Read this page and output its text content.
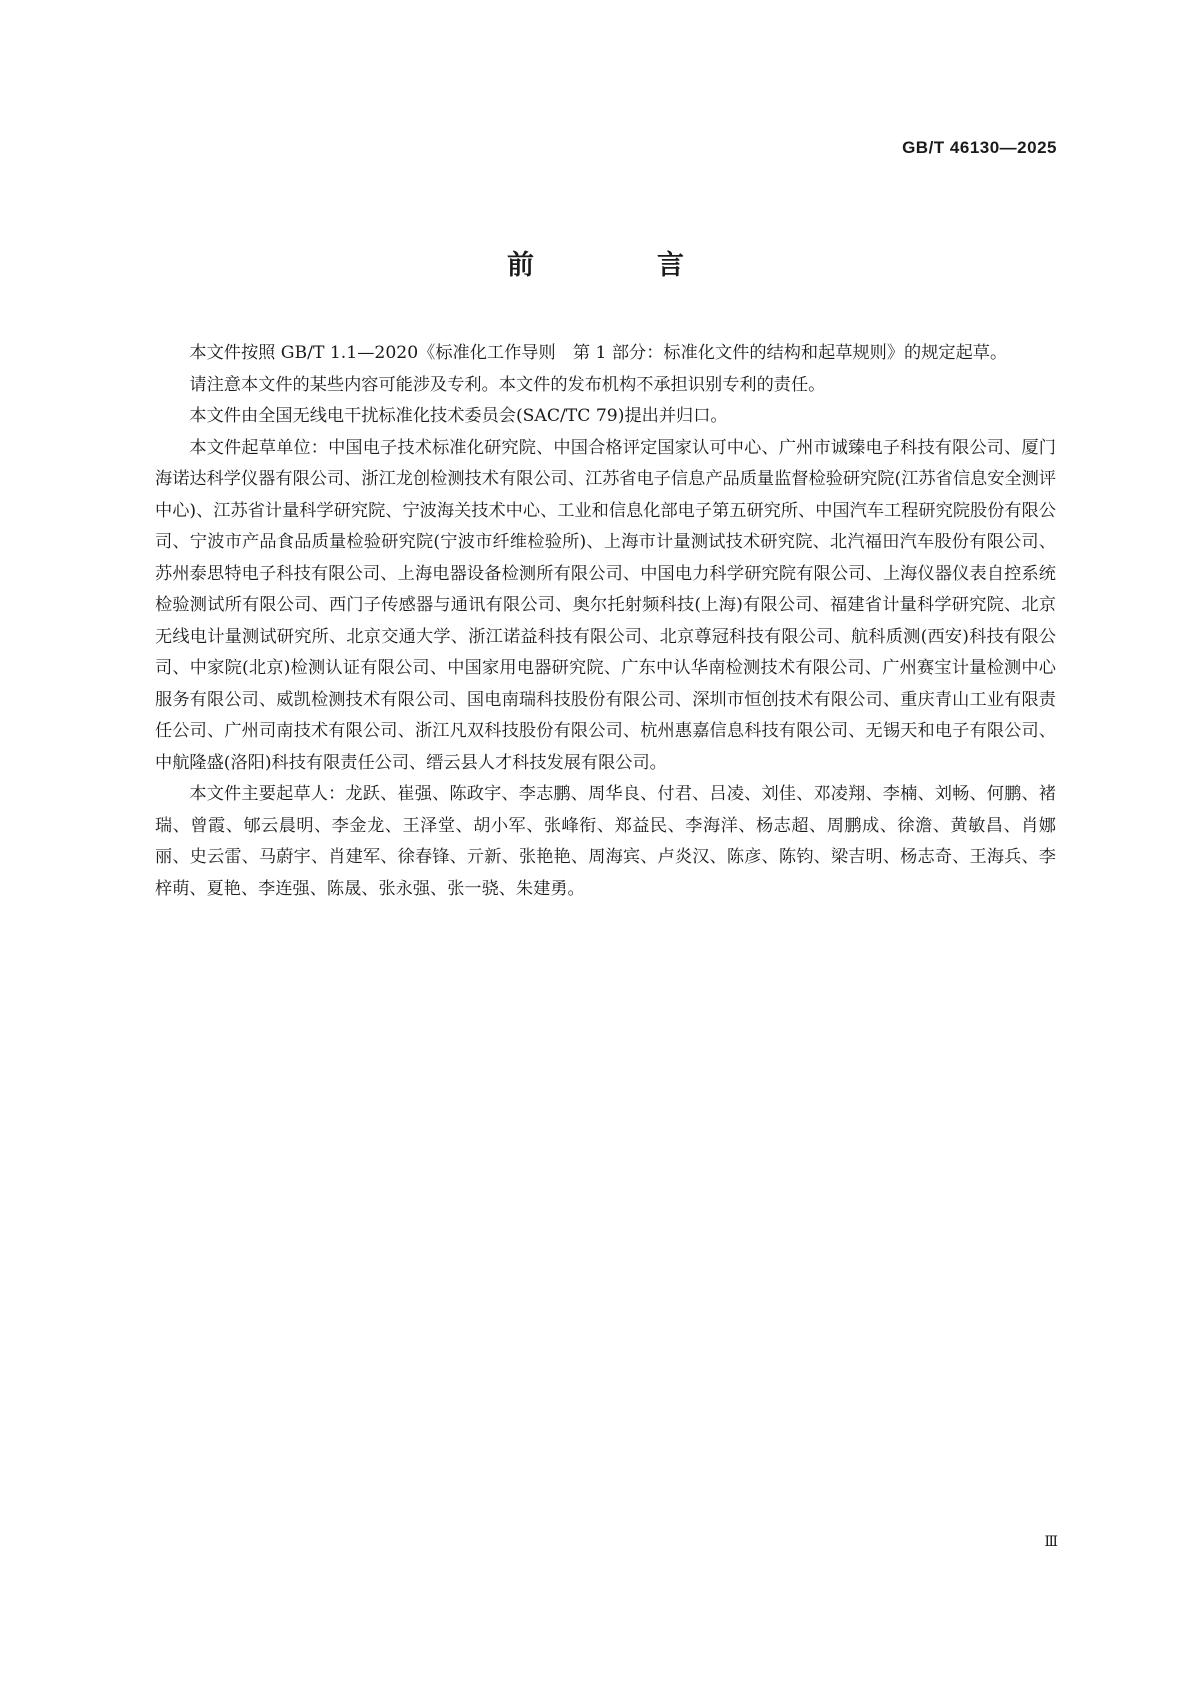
GB/T 46130—2025
前　言

本文件按照 GB/T 1.1—2020《标准化工作导则　第 1 部分：标准化文件的结构和起草规则》的规定起草。

请注意本文件的某些内容可能涉及专利。本文件的发布机构不承担识别专利的责任。

本文件由全国无线电干扰标准化技术委员会(SAC/TC 79)提出并归口。

本文件起草单位：中国电子技术标准化研究院、中国合格评定国家认可中心、广州市诚臻电子科技有限公司、厦门海诺达科学仪器有限公司、浙江龙创检测技术有限公司、江苏省电子信息产品质量监督检验研究院(江苏省信息安全测评中心)、江苏省计量科学研究院、宁波海关技术中心、工业和信息化部电子第五研究所、中国汽车工程研究院股份有限公司、宁波市产品食品质量检验研究院(宁波市纤维检验所)、上海市计量测试技术研究院、北汽福田汽车股份有限公司、苏州泰思特电子科技有限公司、上海电器设备检测所有限公司、中国电力科学研究院有限公司、上海仪器仪表自控系统检验测试所有限公司、西门子传感器与通讯有限公司、奥尔托射频科技(上海)有限公司、福建省计量科学研究院、北京无线电计量测试研究所、北京交通大学、浙江诺益科技有限公司、北京尊冠科技有限公司、航科质测(西安)科技有限公司、中家院(北京)检测认证有限公司、中国家用电器研究院、广东中认华南检测技术有限公司、广州赛宝计量检测中心服务有限公司、威凯检测技术有限公司、国电南瑞科技股份有限公司、深圳市恒创技术有限公司、重庆青山工业有限责任公司、广州司南技术有限公司、浙江凡双科技股份有限公司、杭州惠嘉信息科技有限公司、无锡天和电子有限公司、中航隆盛(洛阳)科技有限责任公司、缙云县人才科技发展有限公司。

本文件主要起草人：龙跃、崔强、陈政宇、李志鹏、周华良、付君、吕凌、刘佳、邓凌翔、李楠、刘畅、何鹏、褚瑞、曾霞、郇云晨明、李金龙、王泽堂、胡小军、张峰衔、郑益民、李海洋、杨志超、周鹏成、徐澹、黄敏昌、肖娜丽、史云雷、马蔚宇、肖建军、徐春锋、亓新、张艳艳、周海宾、卢炎汉、陈彦、陈钧、梁吉明、杨志奇、王海兵、李梓萌、夏艳、李连强、陈晟、张永强、张一骁、朱建勇。

Ⅲ
